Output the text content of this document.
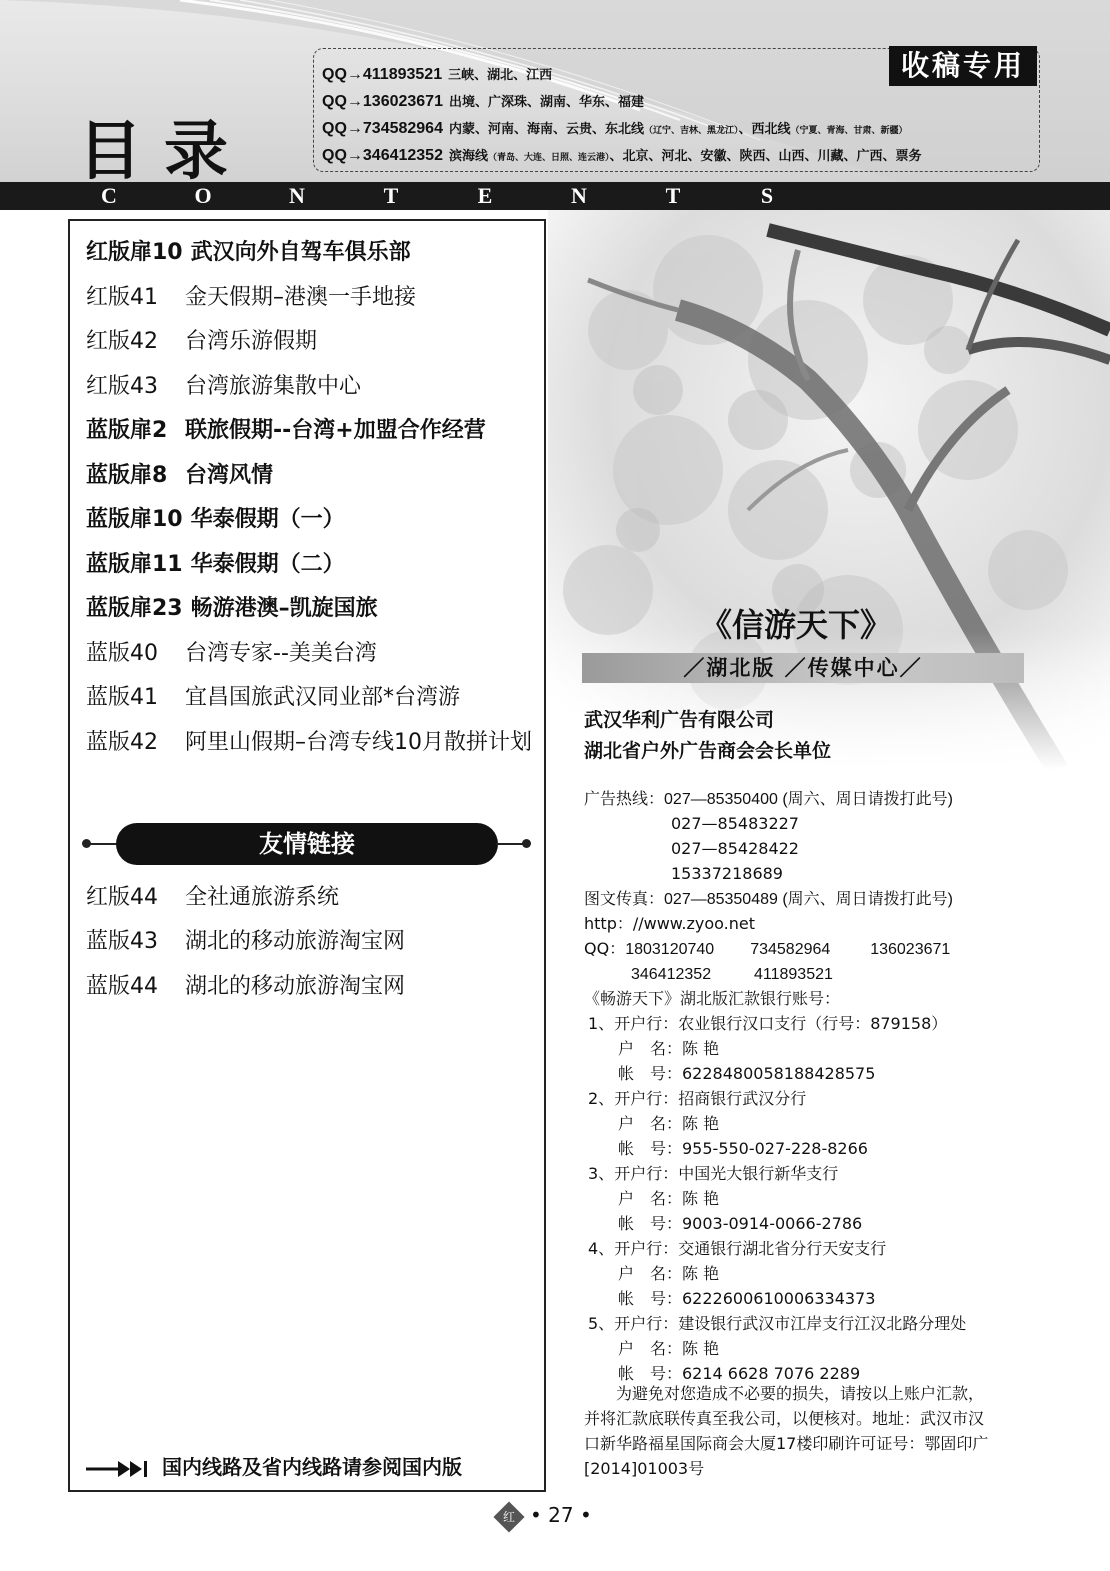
目录
收稿专用
QQ→411893521 三峡、湖北、江西
QQ→136023671 出境、广深珠、湖南、华东、福建
QQ→734582964 内蒙、河南、海南、云贵、东北线（辽宁、吉林、黑龙江）、西北线（宁夏、青海、甘肃、新疆）
QQ→346412352 滨海线（青岛、大连、日照、连云港）、北京、河北、安徽、陕西、山西、川藏、广西、票务
C	O	N	T	E	N	T	S
红版扉10 武汉向外自驾车俱乐部
红版41 金天假期–港澳一手地接
红版42 台湾乐游假期
红版43 台湾旅游集散中心
蓝版扉2 联旅假期--台湾+加盟合作经营
蓝版扉8 台湾风情
蓝版扉10 华泰假期（一）
蓝版扉11 华泰假期（二）
蓝版扉23 畅游港澳–凯旋国旅
蓝版40 台湾专家--美美台湾
蓝版41 宜昌国旅武汉同业部*台湾游
蓝版42 阿里山假期–台湾专线10月散拼计划
友情链接
红版44 全社通旅游系统
蓝版43 湖北的移动旅游淘宝网
蓝版44 湖北的移动旅游淘宝网
国内线路及省内线路请参阅国内版
《信游天下》
／湖北版 ／传媒中心／
武汉华利广告有限公司
湖北省户外广告商会会长单位
广告热线：027—85350400 (周六、周日请拨打此号)
027—85483227
027—85428422
15337218689
图文传真：027—85350489 (周六、周日请拨打此号)
http：//www.zyoo.net
QQ：1803120740 734582964 136023671
346412352	411893521
《畅游天下》湖北版汇款银行账号：
1、开户行：农业银行汉口支行（行号：879158）
户　名：陈 艳
帐　号：6228480058188428575
2、开户行：招商银行武汉分行
户　名：陈 艳
帐　号：955-550-027-228-8266
3、开户行：中国光大银行新华支行
户　名：陈 艳
帐　号：9003-0914-0066-2786
4、开户行：交通银行湖北省分行天安支行
户　名：陈 艳
帐　号：6222600610006334373
5、开户行：建设银行武汉市江岸支行江汉北路分理处
户　名：陈 艳
帐　号：6214 6628 7076 2289

　　为避免对您造成不必要的损失，请按以上账户汇款，

并将汇款底联传真至我公司，以便核对。地址：武汉市汉

口新华路福星国际商会大厦17楼印刷许可证号：鄂固印广

[2014]01003号

红 • 27 •
